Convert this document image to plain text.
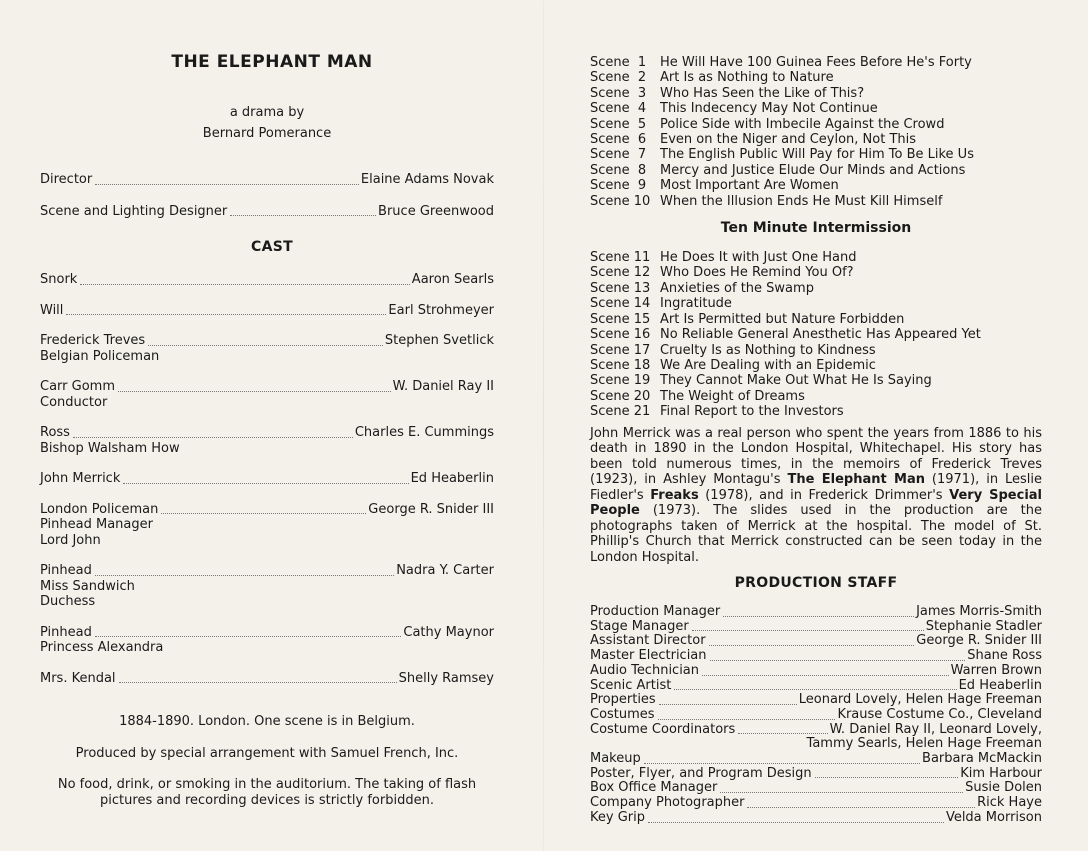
THE ELEPHANT MAN
a drama by
Bernard Pomerance
Director	Elaine Adams Novak
Scene and Lighting Designer	Bruce Greenwood
CAST
Snork	Aaron Searls
Will	Earl Strohmeyer
Frederick Treves	Stephen Svetlick
Belgian Policeman
Carr Gomm	W. Daniel Ray II
Conductor
Ross	Charles E. Cummings
Bishop Walsham How
John Merrick	Ed Heaberlin
London Policeman	George R. Snider III
Pinhead Manager
Lord John
Pinhead	Nadra Y. Carter
Miss Sandwich
Duchess
Pinhead	Cathy Maynor
Princess Alexandra
Mrs. Kendal	Shelly Ramsey
1884-1890. London. One scene is in Belgium.
Produced by special arrangement with Samuel French, Inc.
No food, drink, or smoking in the auditorium. The taking of flash pictures and recording devices is strictly forbidden.
Scene  1	He Will Have 100 Guinea Fees Before He's Forty
Scene  2	Art Is as Nothing to Nature
Scene  3	Who Has Seen the Like of This?
Scene  4	This Indecency May Not Continue
Scene  5	Police Side with Imbecile Against the Crowd
Scene  6	Even on the Niger and Ceylon, Not This
Scene  7	The English Public Will Pay for Him To Be Like Us
Scene  8	Mercy and Justice Elude Our Minds and Actions
Scene  9	Most Important Are Women
Scene 10 When the Illusion Ends He Must Kill Himself
Ten Minute Intermission
Scene 11 He Does It with Just One Hand
Scene 12 Who Does He Remind You Of?
Scene 13 Anxieties of the Swamp
Scene 14 Ingratitude
Scene 15 Art Is Permitted but Nature Forbidden
Scene 16 No Reliable General Anesthetic Has Appeared Yet
Scene 17 Cruelty Is as Nothing to Kindness
Scene 18 We Are Dealing with an Epidemic
Scene 19 They Cannot Make Out What He Is Saying
Scene 20 The Weight of Dreams
Scene 21 Final Report to the Investors

John Merrick was a real person who spent the years from 1886 to his death in 1890 in the London Hospital, Whitechapel. His story has been told numerous times, in the memoirs of Frederick Treves (1923), in Ashley Montagu's The Elephant Man (1971), in Leslie Fiedler's Freaks (1978), and in Frederick Drimmer's Very Special People (1973). The slides used in the production are the photographs taken of Merrick at the hospital. The model of St. Phillip's Church that Merrick constructed can be seen today in the London Hospital.

PRODUCTION STAFF
Production Manager	James Morris-Smith
Stage Manager	Stephanie Stadler
Assistant Director	George R. Snider III
Master Electrician	Shane Ross
Audio Technician	Warren Brown
Scenic Artist	Ed Heaberlin
Properties	Leonard Lovely, Helen Hage Freeman
Costumes	Krause Costume Co., Cleveland
Costume Coordinators	W. Daniel Ray II, Leonard Lovely,
Tammy Searls, Helen Hage Freeman
Makeup	Barbara McMackin
Poster, Flyer, and Program Design	Kim Harbour
Box Office Manager	Susie Dolen
Company Photographer	Rick Haye
Key Grip	Velda Morrison
